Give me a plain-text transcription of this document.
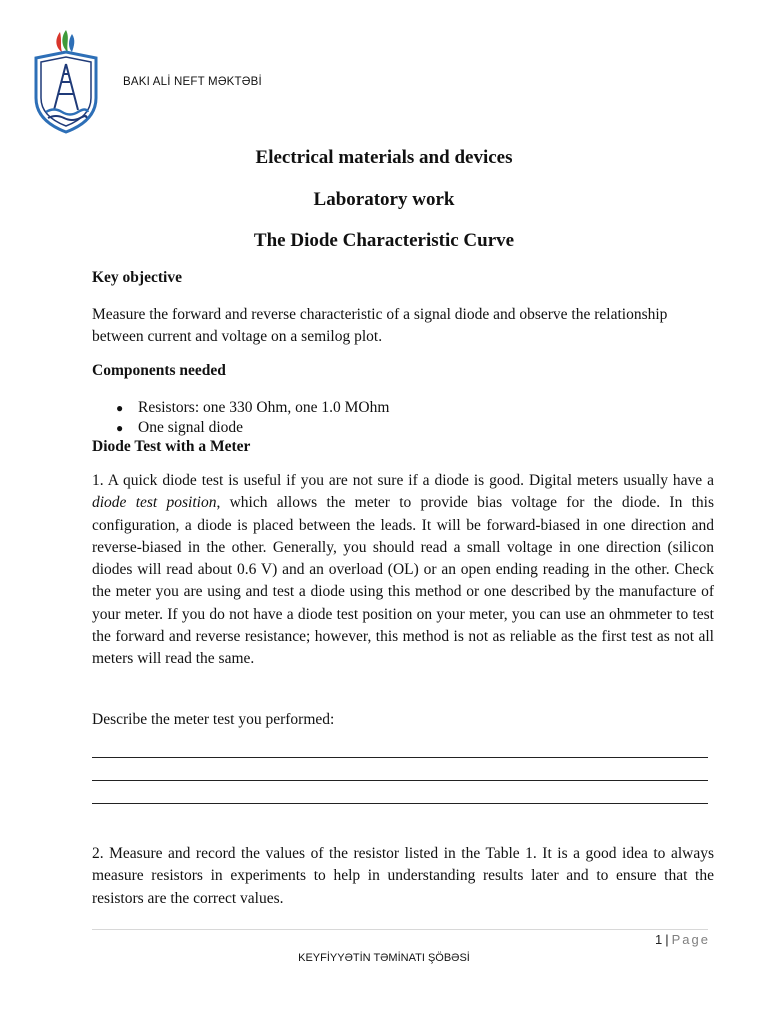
BAKI ALİ NEFT MƏKTƏBİ
Electrical materials and devices
Laboratory work
The Diode Characteristic Curve
Key objective

Measure the forward and reverse characteristic of a signal diode and observe the relationship between current and voltage on a semilog plot.

Components needed
● Resistors: one 330 Ohm, one 1.0 MOhm
● One signal diode
Diode Test with a Meter

1. A quick diode test is useful if you are not sure if a diode is good. Digital meters usually have a diode test position, which allows the meter to provide bias voltage for the diode. In this configuration, a diode is placed between the leads. It will be forward-biased in one direction and reverse-biased in the other. Generally, you should read a small voltage in one direction (silicon diodes will read about 0.6 V) and an overload (OL) or an open ending reading in the other. Check the meter you are using and test a diode using this method or one described by the manufacture of your meter. If you do not have a diode test position on your meter, you can use an ohmmeter to test the forward and reverse resistance; however, this method is not as reliable as the first test as not all meters will read the same.

Describe the meter test you performed:

2. Measure and record the values of the resistor listed in the Table 1. It is a good idea to always measure resistors in experiments to help in understanding results later and to ensure that the resistors are the correct values.

1 | Page
KEYFİYYƏTİN TƏMİNATI ŞÖBƏSİ
